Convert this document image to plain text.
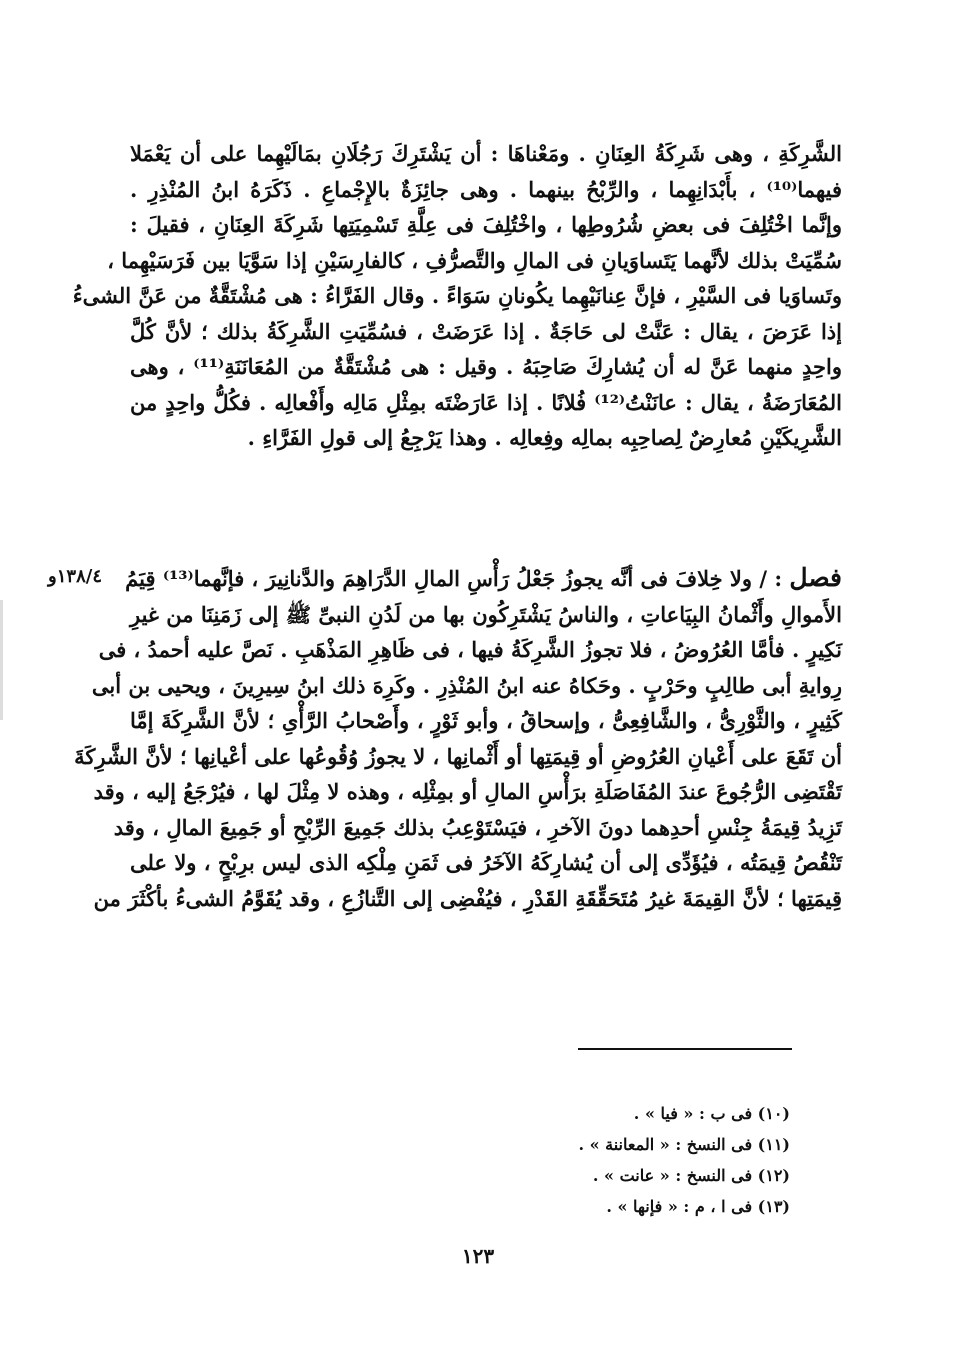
الشَّرِكَةِ ، وهى شَرِكَةُ العِنَانِ . ومَعْناهَا : أن يَشْتَرِكَ رَجُلَانِ بمَالَيْهِما على أن يَعْمَلا
فيهما⁽¹⁰⁾ ، بأَبْدَانِهِما ، والرِّبْحُ بينهما . وهى جائِزَةٌ بالإِجْماعِ . ذَكَرَهُ ابنُ المُنْذِرِ .
وإنَّما اخْتُلِفَ فى بعضِ شُرُوطِها ، واخْتُلِفَ فى عِلَّةِ تَسْمِيَتِها شَرِكَةَ العِنَانِ ، فقيلَ :
سُمِّيَتْ بذلك لأنَّهما يَتَساوَيانِ فى المالِ والتَّصرُّفِ ، كالفارِسَيْنِ إذا سَوَّيَا بين فَرَسَيْهِما ،
وتَساوَيا فى السَّيْرِ ، فإنَّ عِنانَيْهِما يكُونانِ سَوَاءً . وقال الفَرَّاءُ : هى مُشْتَقَّةٌ من عَنَّ الشىءُ
إذا عَرَضَ ، يقال : عَنَّتْ لى حَاجَةٌ . إذا عَرَضَتْ ، فسُمِّيَتِ الشَّرِكَةُ بذلك ؛ لأنَّ كُلَّ
واحِدٍ منهما عَنَّ له أن يُشارِكَ صَاحِبَهُ . وقيل : هى مُشْتَقَّةٌ من المُعَانَنَةِ⁽¹¹⁾ ، وهى
المُعَارَضَةُ ، يقال : عانَنْتُ⁽¹²⁾ فُلانًا . إذا عَارَضْتَه بمِثْلِ مَالِه وأَفْعالِه . فكُلُّ واحِدٍ من
الشَّرِيكَيْنِ مُعارِضٌ لِصاحِبِه بمالِه وفِعالِه . وهذا يَرْجِعُ إلى قولِ الفَرَّاءِ .
١٣٨/٤و	فصل : / ولا خِلافَ فى أنَّه يجوزُ جَعْلُ رَأْسِ المالِ الدَّرَاهِمَ والدَّنانِيرَ ، فإنَّهما⁽¹³⁾ قِيَمُ
الأَموالِ وأَثْمانُ البِيَاعاتِ ، والناسُ يَشْتَرِكُون بها من لَدُنِ النبىِّ ﷺ إلى زَمَنِنَا من غيرِ
نَكِيرٍ . فأمَّا العُرُوضُ ، فلا تجوزُ الشَّرِكَةُ فيها ، فى ظَاهِرِ المَذْهَبِ . نَصَّ عليه أحمدُ ، فى
رِوايةِ أبى طالِبٍ وحَرْبٍ . وحَكاهُ عنه ابنُ المُنْذِرِ . وكَرِهَ ذلك ابنُ سِيرِينَ ، ويحيى بن أبى
كَثِيرٍ ، والثَّوْرِىُّ ، والشَّافِعِىُّ ، وإسحاقُ ، وأبو ثَوْرٍ ، وأَصْحابُ الرَّأْىِ ؛ لأنَّ الشَّرِكَةَ إمَّا
أن تَقَعَ على أَعْيانِ العُرُوضِ أو قِيمَتِها أو أَثْمانِها ، لا يجوزُ وُقُوعُها على أعْيانِها ؛ لأنَّ الشَّرِكَةَ
تَقْتَضِى الرُّجُوعَ عندَ المُفَاصَلَةِ برَأْسِ المالِ أو بمِثْلِه ، وهذه لا مِثْلَ لها ، فيُرْجَعُ إليه ، وقد
تَزِيدُ قِيمَةُ جِنْسِ أحدِهما دونَ الآخرِ ، فيَسْتَوْعِبُ بذلك جَمِيعَ الرِّبْحِ أو جَمِيعَ المالِ ، وقد
تَنْقُصُ قِيمَتُه ، فيُؤَدِّى إلى أن يُشارِكَهُ الآخَرُ فى ثَمَنِ مِلْكِه الذى ليس برِبْحٍ ، ولا على
قِيمَتِها ؛ لأنَّ القِيمَةَ غيرُ مُتَحَقِّقَةِ القَدْرِ ، فيُفْضِى إلى التَّنازُعِ ، وقد يُقَوَّمُ الشىءُ بأكْثَرَ من
(١٠) فى ب : « فيا » .
(١١) فى النسخ : « المعاننة » .
(١٢) فى النسخ : « عانت » .
(١٣) فى ا ، م : « فإنها » .
١٢٣
